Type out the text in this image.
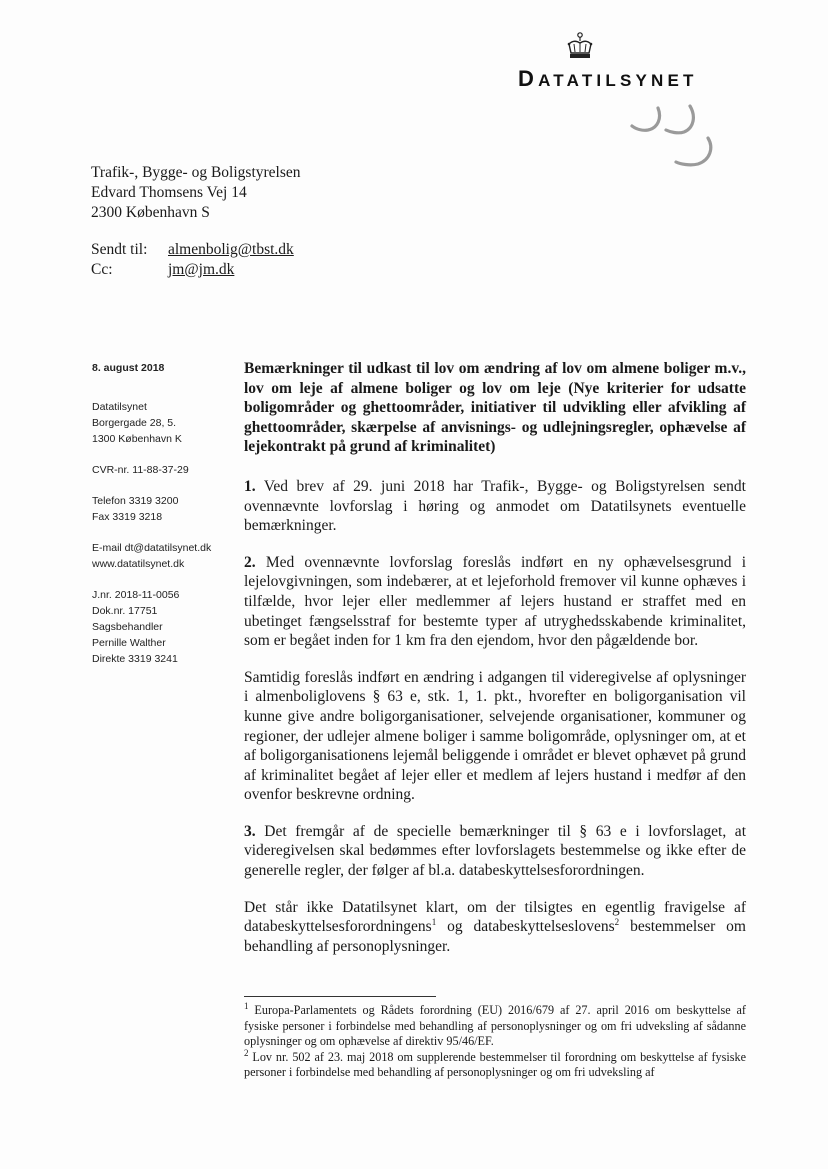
DATATILSYNET
Trafik-, Bygge- og Boligstyrelsen
Edvard Thomsens Vej 14
2300 København S
Sendt til:	almenbolig@tbst.dk
Cc:	jm@jm.dk
8. august 2018
Datatilsynet
Borgergade 28, 5.
1300 København K
CVR-nr. 11-88-37-29
Telefon 3319 3200
Fax 3319 3218
E-mail dt@datatilsynet.dk
www.datatilsynet.dk
J.nr. 2018-11-0056
Dok.nr. 17751
Sagsbehandler
Pernille Walther
Direkte 3319 3241

Bemærkninger til udkast til lov om ændring af lov om almene boliger m.v., lov om leje af almene boliger og lov om leje (Nye kriterier for udsatte boligområder og ghettoområder, initiativer til udvikling eller afvikling af ghettoområder, skærpelse af anvisnings- og udlejningsregler, ophævelse af lejekontrakt på grund af kriminalitet)

1. Ved brev af 29. juni 2018 har Trafik-, Bygge- og Boligstyrelsen sendt ovennævnte lovforslag i høring og anmodet om Datatilsynets eventuelle bemærkninger.

2. Med ovennævnte lovforslag foreslås indført en ny ophævelsesgrund i lejelovgivningen, som indebærer, at et lejeforhold fremover vil kunne ophæves i tilfælde, hvor lejer eller medlemmer af lejers hustand er straffet med en ubetinget fængselsstraf for bestemte typer af utryghedsskabende kriminalitet, som er begået inden for 1 km fra den ejendom, hvor den pågældende bor.

Samtidig foreslås indført en ændring i adgangen til videregivelse af oplysninger i almenboliglovens § 63 e, stk. 1, 1. pkt., hvorefter en boligorganisation vil kunne give andre boligorganisationer, selvejende organisationer, kommuner og regioner, der udlejer almene boliger i samme boligområde, oplysninger om, at et af boligorganisationens lejemål beliggende i området er blevet ophævet på grund af kriminalitet begået af lejer eller et medlem af lejers hustand i medfør af den ovenfor beskrevne ordning.

3. Det fremgår af de specielle bemærkninger til § 63 e i lovforslaget, at videregivelsen skal bedømmes efter lovforslagets bestemmelse og ikke efter de generelle regler, der følger af bl.a. databeskyttelsesforordningen.

Det står ikke Datatilsynet klart, om der tilsigtes en egentlig fravigelse af databeskyttelsesforordningens$^1$ og databeskyttelseslovens$^2$ bestemmelser om behandling af personoplysninger.

$^1$ Europa-Parlamentets og Rådets forordning (EU) 2016/679 af 27. april 2016 om beskyttelse af fysiske personer i forbindelse med behandling af personoplysninger og om fri udveksling af sådanne oplysninger og om ophævelse af direktiv 95/46/EF.
$^2$ Lov nr. 502 af 23. maj 2018 om supplerende bestemmelser til forordning om beskyttelse af fysiske personer i forbindelse med behandling af personoplysninger og om fri udveksling af
